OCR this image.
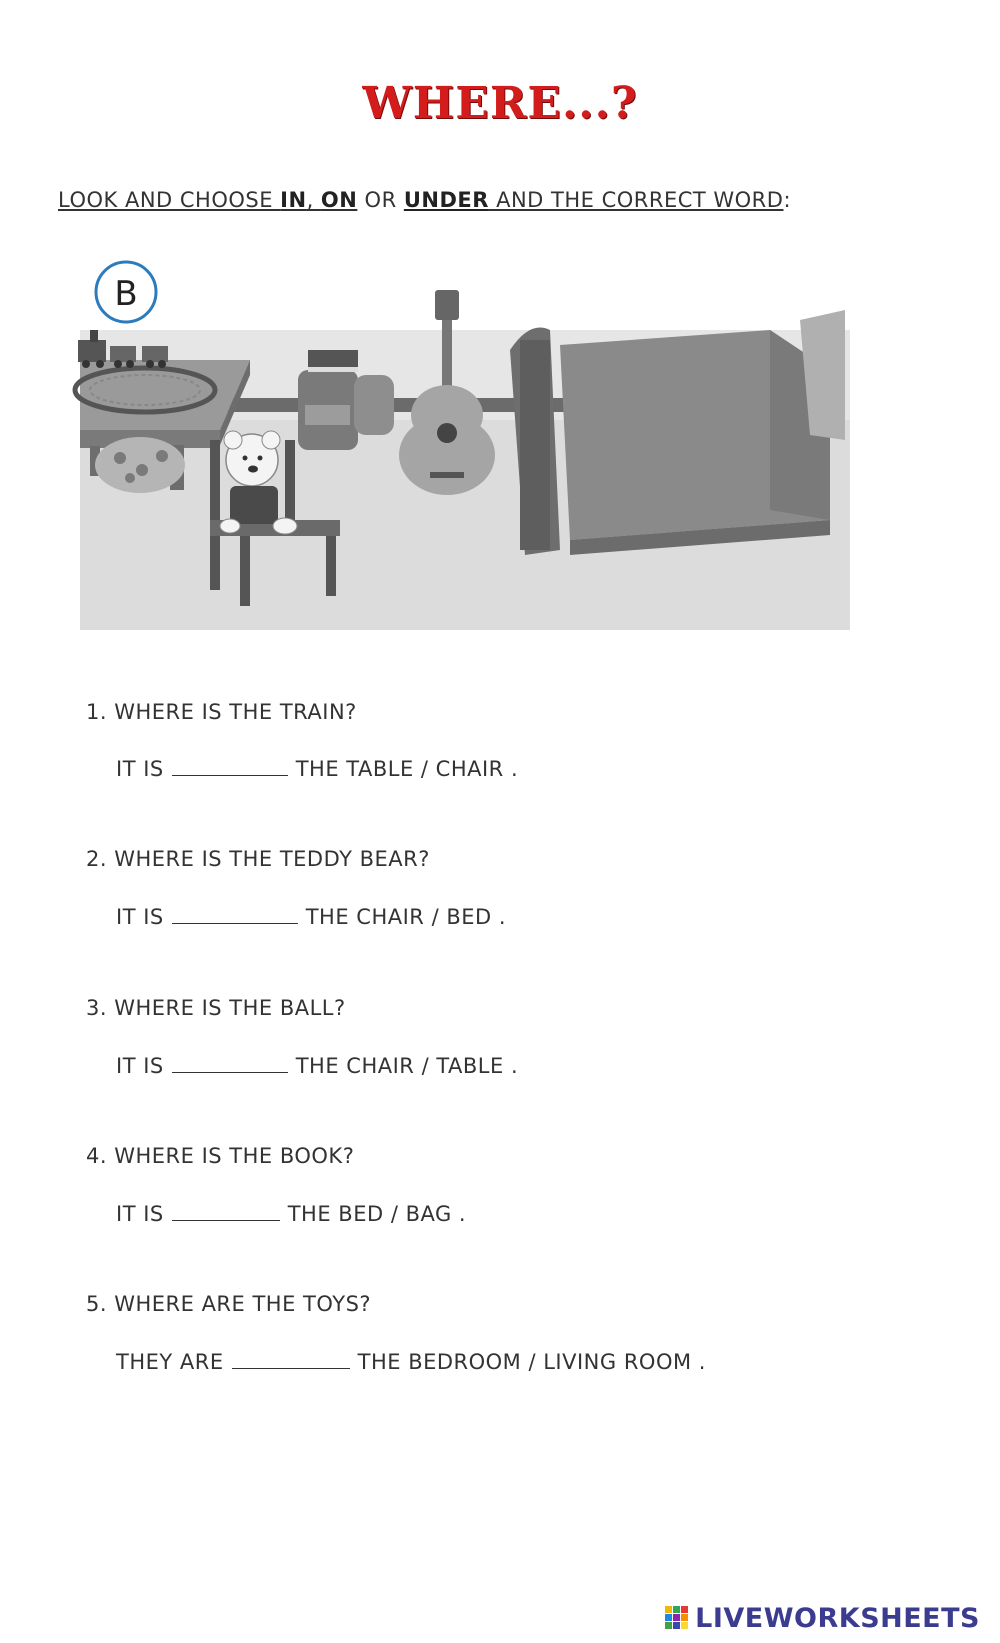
WHERE...?
LOOK AND CHOOSE IN, ON OR UNDER AND THE CORRECT WORD:
B
1. WHERE IS THE TRAIN?
IT IS	THE TABLE / CHAIR .
2. WHERE IS THE TEDDY BEAR?
IT IS	THE CHAIR / BED .
3. WHERE IS THE BALL?
IT IS	THE CHAIR / TABLE .
4. WHERE IS THE BOOK?
IT IS	THE BED / BAG .
5. WHERE ARE THE TOYS?
THEY ARE	THE BEDROOM / LIVING ROOM .
LIVEWORKSHEETS
